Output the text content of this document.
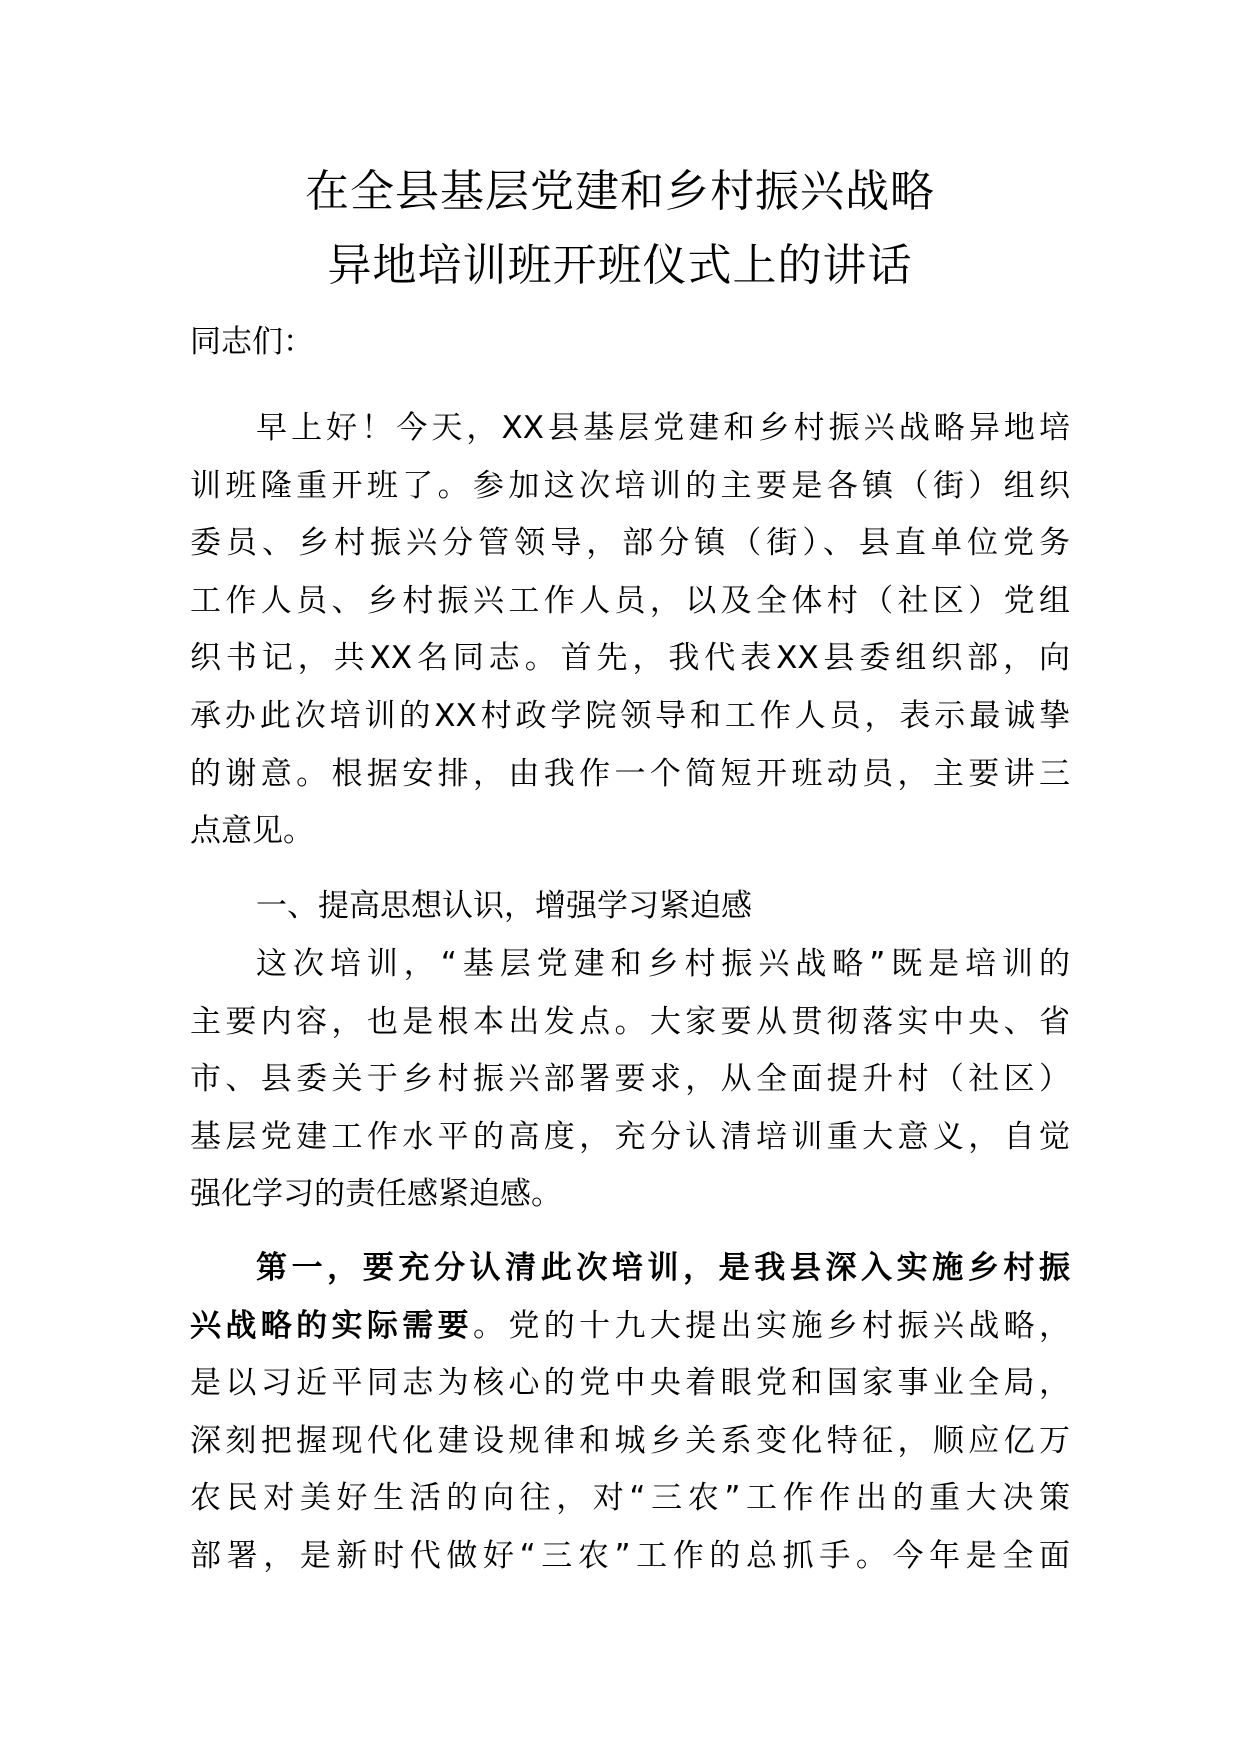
在全县基层党建和乡村振兴战略
异地培训班开班仪式上的讲话
同志们：
早上好！今天，XX县基层党建和乡村振兴战略异地培
训班隆重开班了。参加这次培训的主要是各镇（街）组织
委员、乡村振兴分管领导，部分镇（街）、县直单位党务
工作人员、乡村振兴工作人员，以及全体村（社区）党组
织书记，共XX名同志。首先，我代表XX县委组织部，向
承办此次培训的XX村政学院领导和工作人员，表示最诚挚
的谢意。根据安排，由我作一个简短开班动员，主要讲三
点意见。
一、提高思想认识，增强学习紧迫感
这次培训，“基层党建和乡村振兴战略”既是培训的
主要内容，也是根本出发点。大家要从贯彻落实中央、省
市、县委关于乡村振兴部署要求，从全面提升村（社区）
基层党建工作水平的高度，充分认清培训重大意义，自觉
强化学习的责任感紧迫感。
第一，要充分认清此次培训，是我县深入实施乡村振
兴战略的实际需要。党的十九大提出实施乡村振兴战略，
是以习近平同志为核心的党中央着眼党和国家事业全局，
深刻把握现代化建设规律和城乡关系变化特征，顺应亿万
农民对美好生活的向往，对“三农”工作作出的重大决策
部署，是新时代做好“三农”工作的总抓手。今年是全面
